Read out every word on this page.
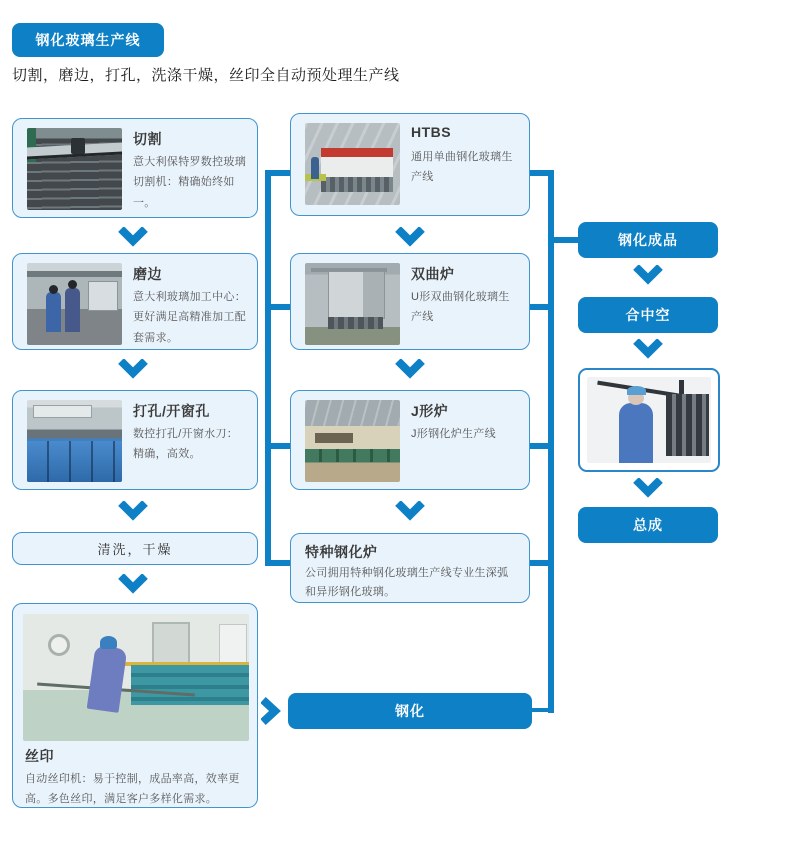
钢化玻璃生产线
切割，磨边，打孔，洗涤干燥，丝印全自动预处理生产线
切割
意大利保特罗数控玻璃切割机：精确始终如一。
磨边
意大利玻璃加工中心：更好满足高精准加工配套需求。
打孔/开窗孔
数控打孔/开窗水刀：精确，高效。
清洗，干燥
丝印
自动丝印机：易于控制，成品率高，效率更高。多色丝印，满足客户多样化需求。
HTBS
通用单曲钢化玻璃生产线
双曲炉
U形双曲钢化玻璃生产线
J形炉
J形钢化炉生产线
特种钢化炉
公司拥用特种钢化玻璃生产线专业生深弧和异形钢化玻璃。
钢化
钢化成品
合中空
总成
